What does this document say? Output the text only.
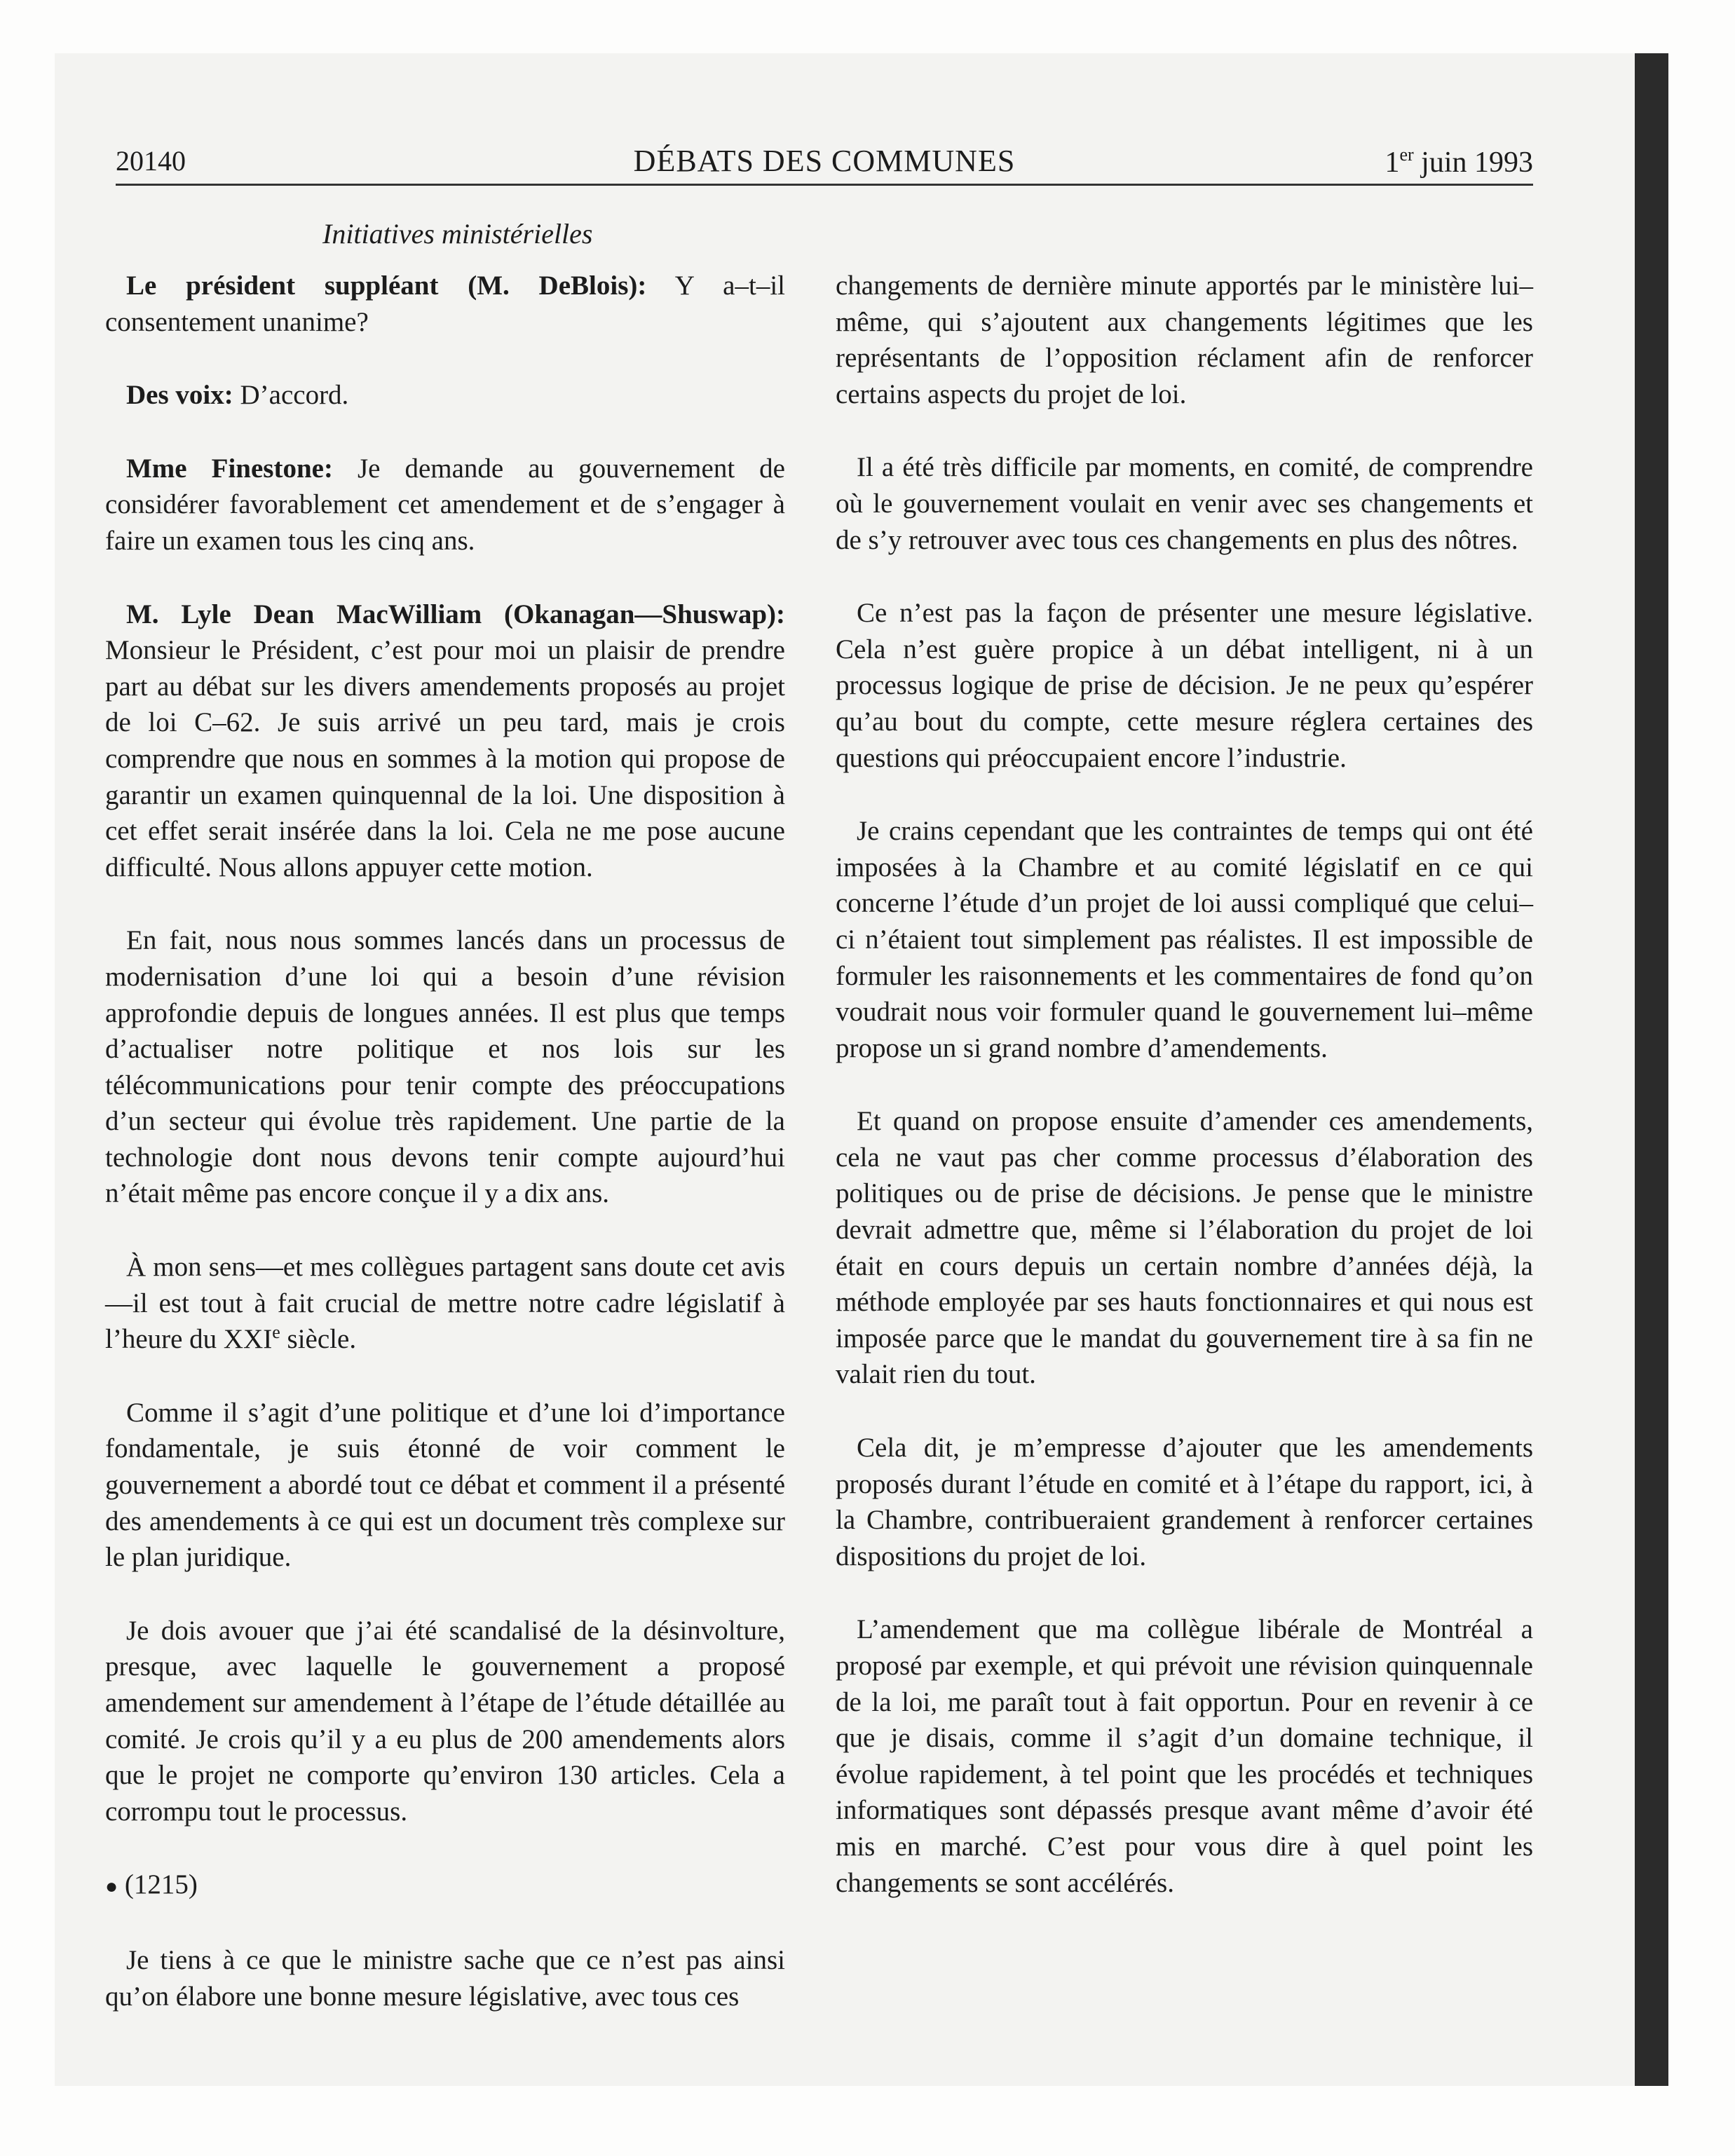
20140	DÉBATS DES COMMUNES	1er juin 1993
Initiatives ministérielles

Le président suppléant (M. DeBlois): Y a–t–il consentement unanime?

Des voix: D’accord.

Mme Finestone: Je demande au gouvernement de considérer favorablement cet amendement et de s’engager à faire un examen tous les cinq ans.

M. Lyle Dean MacWilliam (Okanagan—Shuswap): Monsieur le Président, c’est pour moi un plaisir de prendre part au débat sur les divers amendements proposés au projet de loi C–62. Je suis arrivé un peu tard, mais je crois comprendre que nous en sommes à la motion qui propose de garantir un examen quinquennal de la loi. Une disposition à cet effet serait insérée dans la loi. Cela ne me pose aucune difficulté. Nous allons appuyer cette motion.

En fait, nous nous sommes lancés dans un processus de modernisation d’une loi qui a besoin d’une révision approfondie depuis de longues années. Il est plus que temps d’actualiser notre politique et nos lois sur les télécommunications pour tenir compte des préoccupations d’un secteur qui évolue très rapidement. Une partie de la technologie dont nous devons tenir compte aujourd’hui n’était même pas encore conçue il y a dix ans.

À mon sens—et mes collègues partagent sans doute cet avis—il est tout à fait crucial de mettre notre cadre législatif à l’heure du XXIe siècle.

Comme il s’agit d’une politique et d’une loi d’importance fondamentale, je suis étonné de voir comment le gouvernement a abordé tout ce débat et comment il a présenté des amendements à ce qui est un document très complexe sur le plan juridique.

Je dois avouer que j’ai été scandalisé de la désinvolture, presque, avec laquelle le gouvernement a proposé amendement sur amendement à l’étape de l’étude détaillée au comité. Je crois qu’il y a eu plus de 200 amendements alors que le projet ne comporte qu’environ 130 articles. Cela a corrompu tout le processus.

● (1215)

Je tiens à ce que le ministre sache que ce n’est pas ainsi qu’on élabore une bonne mesure législative, avec tous ces

changements de dernière minute apportés par le ministère lui–même, qui s’ajoutent aux changements légitimes que les représentants de l’opposition réclament afin de renforcer certains aspects du projet de loi.

Il a été très difficile par moments, en comité, de comprendre où le gouvernement voulait en venir avec ses changements et de s’y retrouver avec tous ces changements en plus des nôtres.

Ce n’est pas la façon de présenter une mesure législative. Cela n’est guère propice à un débat intelligent, ni à un processus logique de prise de décision. Je ne peux qu’espérer qu’au bout du compte, cette mesure réglera certaines des questions qui préoccupaient encore l’industrie.

Je crains cependant que les contraintes de temps qui ont été imposées à la Chambre et au comité législatif en ce qui concerne l’étude d’un projet de loi aussi compliqué que celui–ci n’étaient tout simplement pas réalistes. Il est impossible de formuler les raisonnements et les commentaires de fond qu’on voudrait nous voir formuler quand le gouvernement lui–même propose un si grand nombre d’amendements.

Et quand on propose ensuite d’amender ces amendements, cela ne vaut pas cher comme processus d’élaboration des politiques ou de prise de décisions. Je pense que le ministre devrait admettre que, même si l’élaboration du projet de loi était en cours depuis un certain nombre d’années déjà, la méthode employée par ses hauts fonctionnaires et qui nous est imposée parce que le mandat du gouvernement tire à sa fin ne valait rien du tout.

Cela dit, je m’empresse d’ajouter que les amendements proposés durant l’étude en comité et à l’étape du rapport, ici, à la Chambre, contribueraient grandement à renforcer certaines dispositions du projet de loi.

L’amendement que ma collègue libérale de Montréal a proposé par exemple, et qui prévoit une révision quinquennale de la loi, me paraît tout à fait opportun. Pour en revenir à ce que je disais, comme il s’agit d’un domaine technique, il évolue rapidement, à tel point que les procédés et techniques informatiques sont dépassés presque avant même d’avoir été mis en marché. C’est pour vous dire à quel point les changements se sont accélérés.
